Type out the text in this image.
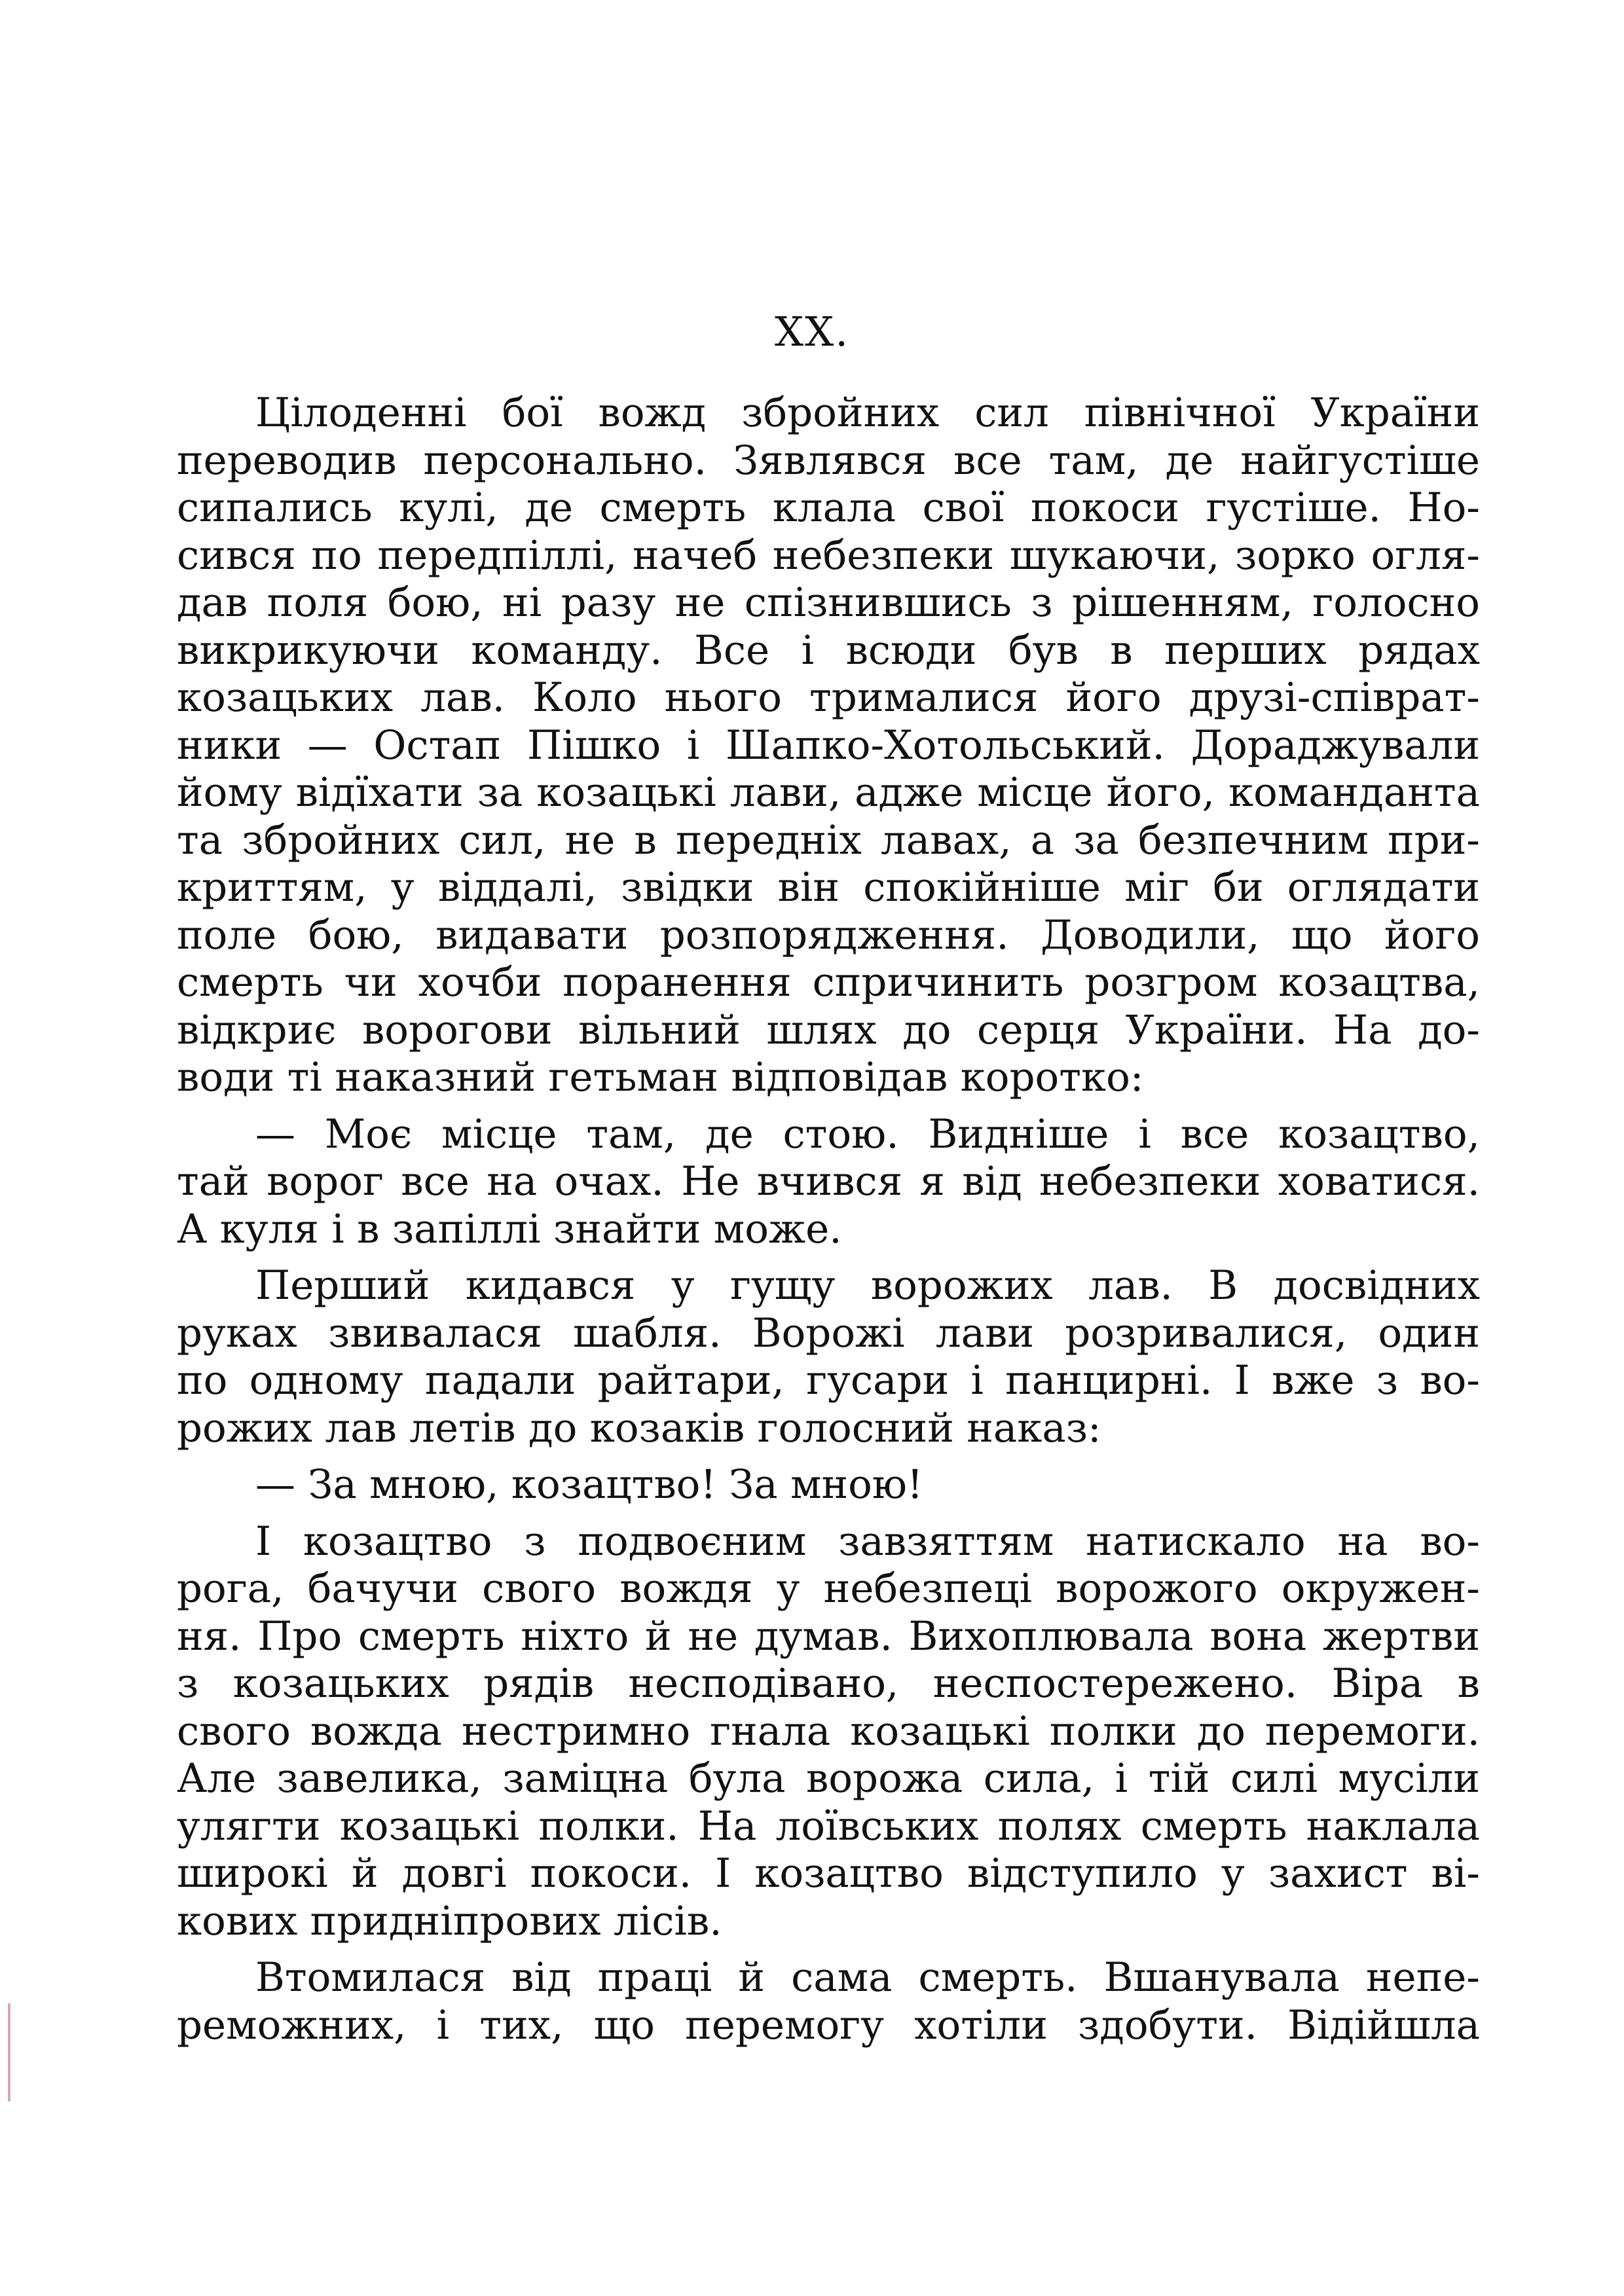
XX.
Цілоденні бої вожд збройних сил північної України
переводив персонально. Зявлявся все там, де найгустіше
сипались кулі, де смерть клала свої покоси густіше. Но-
сився по передпіллі, начеб небезпеки шукаючи, зорко огля-
дав поля бою, ні разу не спізнившись з рішенням, голосно
викрикуючи команду. Все і всюди був в перших рядах
козацьких лав. Коло нього трималися його друзі-співрат-
ники — Остап Пішко і Шапко-Хотольський. Дораджували
йому відїхати за козацькі лави, адже місце його, команданта
та збройних сил, не в передніх лавах, а за безпечним при-
криттям, у віддалі, звідки він спокійніше міг би оглядати
поле бою, видавати розпорядження. Доводили, що його
смерть чи хочби поранення спричинить розгром козацтва,
відкриє ворогови вільний шлях до серця України. На до-
води ті наказний гетьман відповідав коротко:
— Моє місце там, де стою. Видніше і все козацтво,
тай ворог все на очах. Не вчився я від небезпеки ховатися.
А куля і в запіллі знайти може.
Перший кидався у гущу ворожих лав. В досвідних
руках звивалася шабля. Ворожі лави розривалися, один
по одному падали райтари, гусари і панцирні. І вже з во-
рожих лав летів до козаків голосний наказ:
— За мною, козацтво! За мною!
І козацтво з подвоєним завзяттям натискало на во-
рога, бачучи свого вождя у небезпеці ворожого окружен-
ня. Про смерть ніхто й не думав. Вихоплювала вона жертви
з козацьких рядів несподівано, неспостережено. Віра в
свого вожда нестримно гнала козацькі полки до перемоги.
Але завелика, заміцна була ворожа сила, і тій силі мусіли
улягти козацькі полки. На лоївських полях смерть наклала
широкі й довгі покоси. І козацтво відступило у захист ві-
кових придніпрових лісів.
Втомилася від праці й сама смерть. Вшанувала непе-
реможних, і тих, що перемогу хотіли здобути. Відійшла
